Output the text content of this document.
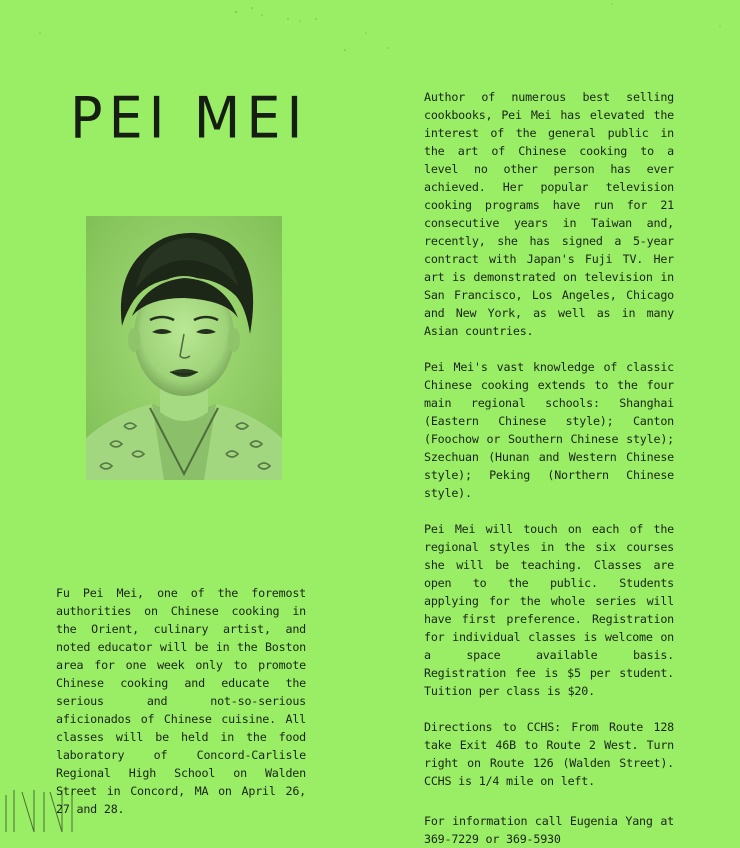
PEI MEI

Fu Pei Mei, one of the foremost authorities on Chinese cooking in the Orient, culinary artist, and noted educator will be in the Boston area for one week only to promote Chinese cooking and educate the serious and not-so-serious aficionados of Chinese cuisine. All classes will be held in the food laboratory of Concord-Carlisle Regional High School on Walden Street in Concord, MA on April 26, 27 and 28.

Author of numerous best selling cookbooks, Pei Mei has elevated the interest of the general public in the art of Chinese cooking to a level no other person has ever achieved. Her popular television cooking programs have run for 21 consecutive years in Taiwan and, recently, she has signed a 5-year contract with Japan's Fuji TV. Her art is demonstrated on television in San Francisco, Los Angeles, Chicago and New York, as well as in many Asian countries.

Pei Mei's vast knowledge of classic Chinese cooking extends to the four main regional schools: Shanghai (Eastern Chinese style); Canton (Foochow or Southern Chinese style); Szechuan (Hunan and Western Chinese style); Peking (Northern Chinese style).

Pei Mei will touch on each of the regional styles in the six courses she will be teaching. Classes are open to the public. Students applying for the whole series will have first preference. Registration for individual classes is welcome on a space available basis. Registration fee is $5 per student. Tuition per class is $20.

Directions to CCHS: From Route 128 take Exit 46B to Route 2 West. Turn right on Route 126 (Walden Street). CCHS is 1/4 mile on left.

For information call Eugenia Yang at 369-7229 or 369-5930
